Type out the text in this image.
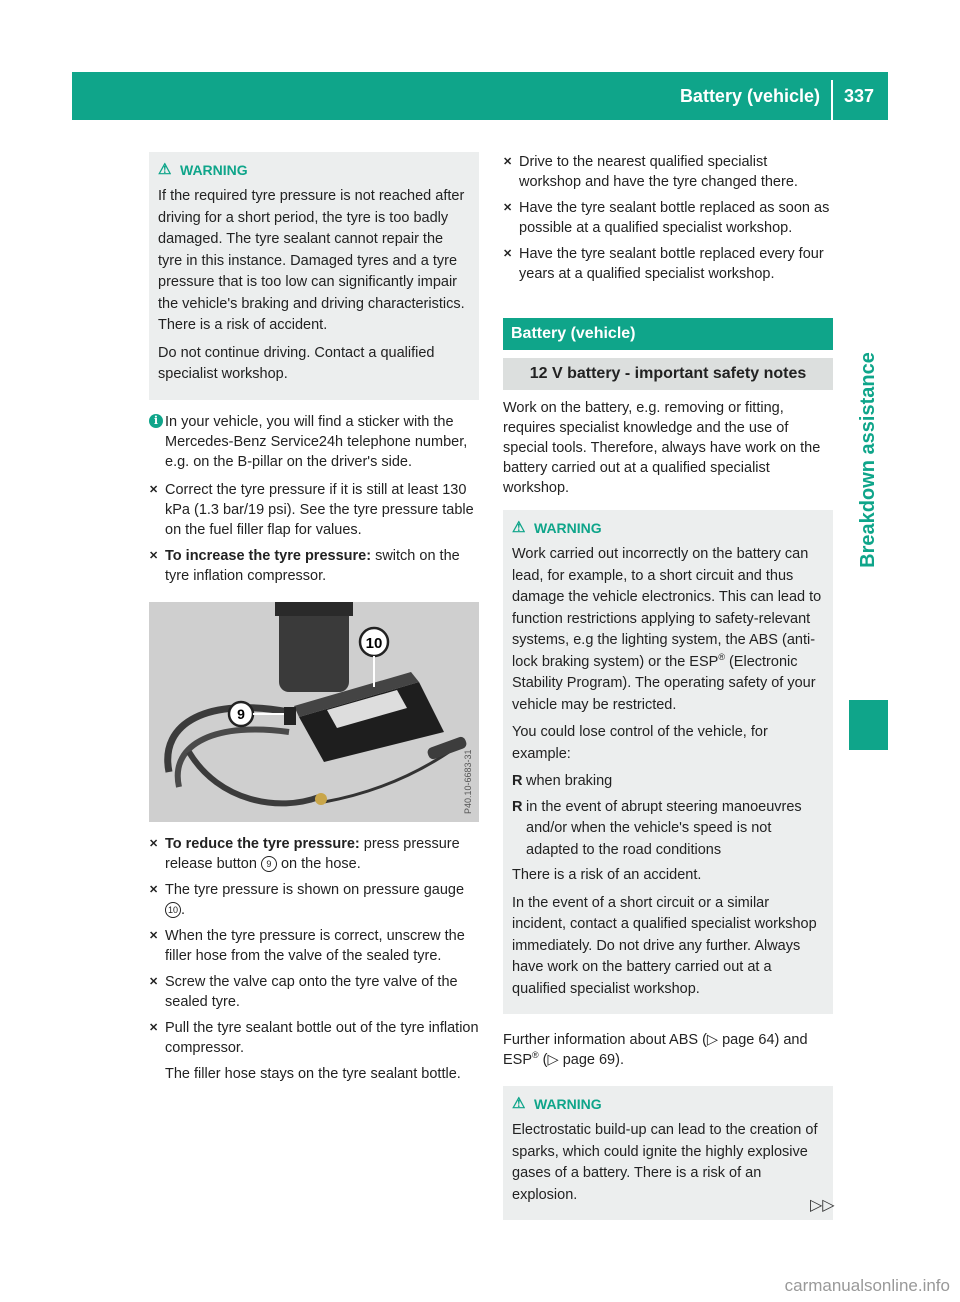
Battery (vehicle) 337
Breakdown assistance
⚠ WARNING

If the required tyre pressure is not reached after driving for a short period, the tyre is too badly damaged. The tyre sealant cannot repair the tyre in this instance. Damaged tyres and a tyre pressure that is too low can significantly impair the vehicle's braking and driving characteristics. There is a risk of accident.

Do not continue driving. Contact a qualified specialist workshop.

i In your vehicle, you will find a sticker with the Mercedes-Benz Service24h telephone number, e.g. on the B-pillar on the driver's side.
✕ Correct the tyre pressure if it is still at least 130 kPa (1.3 bar/19 psi). See the tyre pressure table on the fuel filler flap for values.
✕ To increase the tyre pressure: switch on the tyre inflation compressor.
10
9
P40.10-6683-31
✕ To reduce the tyre pressure: press pressure release button 9 on the hose.
✕ The tyre pressure is shown on pressure gauge 10 .
✕ When the tyre pressure is correct, unscrew the filler hose from the valve of the sealed tyre.
✕ Screw the valve cap onto the tyre valve of the sealed tyre.
✕ Pull the tyre sealant bottle out of the tyre inflation compressor.

The filler hose stays on the tyre sealant bottle.

✕ Drive to the nearest qualified specialist workshop and have the tyre changed there.
✕ Have the tyre sealant bottle replaced as soon as possible at a qualified specialist workshop.
✕ Have the tyre sealant bottle replaced every four years at a qualified specialist workshop.
Battery (vehicle)
12 V battery - important safety notes

Work on the battery, e.g. removing or fitting, requires specialist knowledge and the use of special tools. Therefore, always have work on the battery carried out at a qualified specialist workshop.

⚠ WARNING

Work carried out incorrectly on the battery can lead, for example, to a short circuit and thus damage the vehicle electronics. This can lead to function restrictions applying to safety-relevant systems, e.g the lighting system, the ABS (anti-lock braking system) or the ESP® (Electronic Stability Program). The operating safety of your vehicle may be restricted.

You could lose control of the vehicle, for example:

R when braking
R in the event of abrupt steering manoeuvres and/or when the vehicle's speed is not adapted to the road conditions

There is a risk of an accident.

In the event of a short circuit or a similar incident, contact a qualified specialist workshop immediately. Do not drive any further. Always have work on the battery carried out at a qualified specialist workshop.

Further information about ABS (▷ page 64) and ESP® (▷ page 69).

⚠ WARNING

Electrostatic build-up can lead to the creation of sparks, which could ignite the highly explosive gases of a battery. There is a risk of an explosion.

▷▷
carmanualsonline.info
